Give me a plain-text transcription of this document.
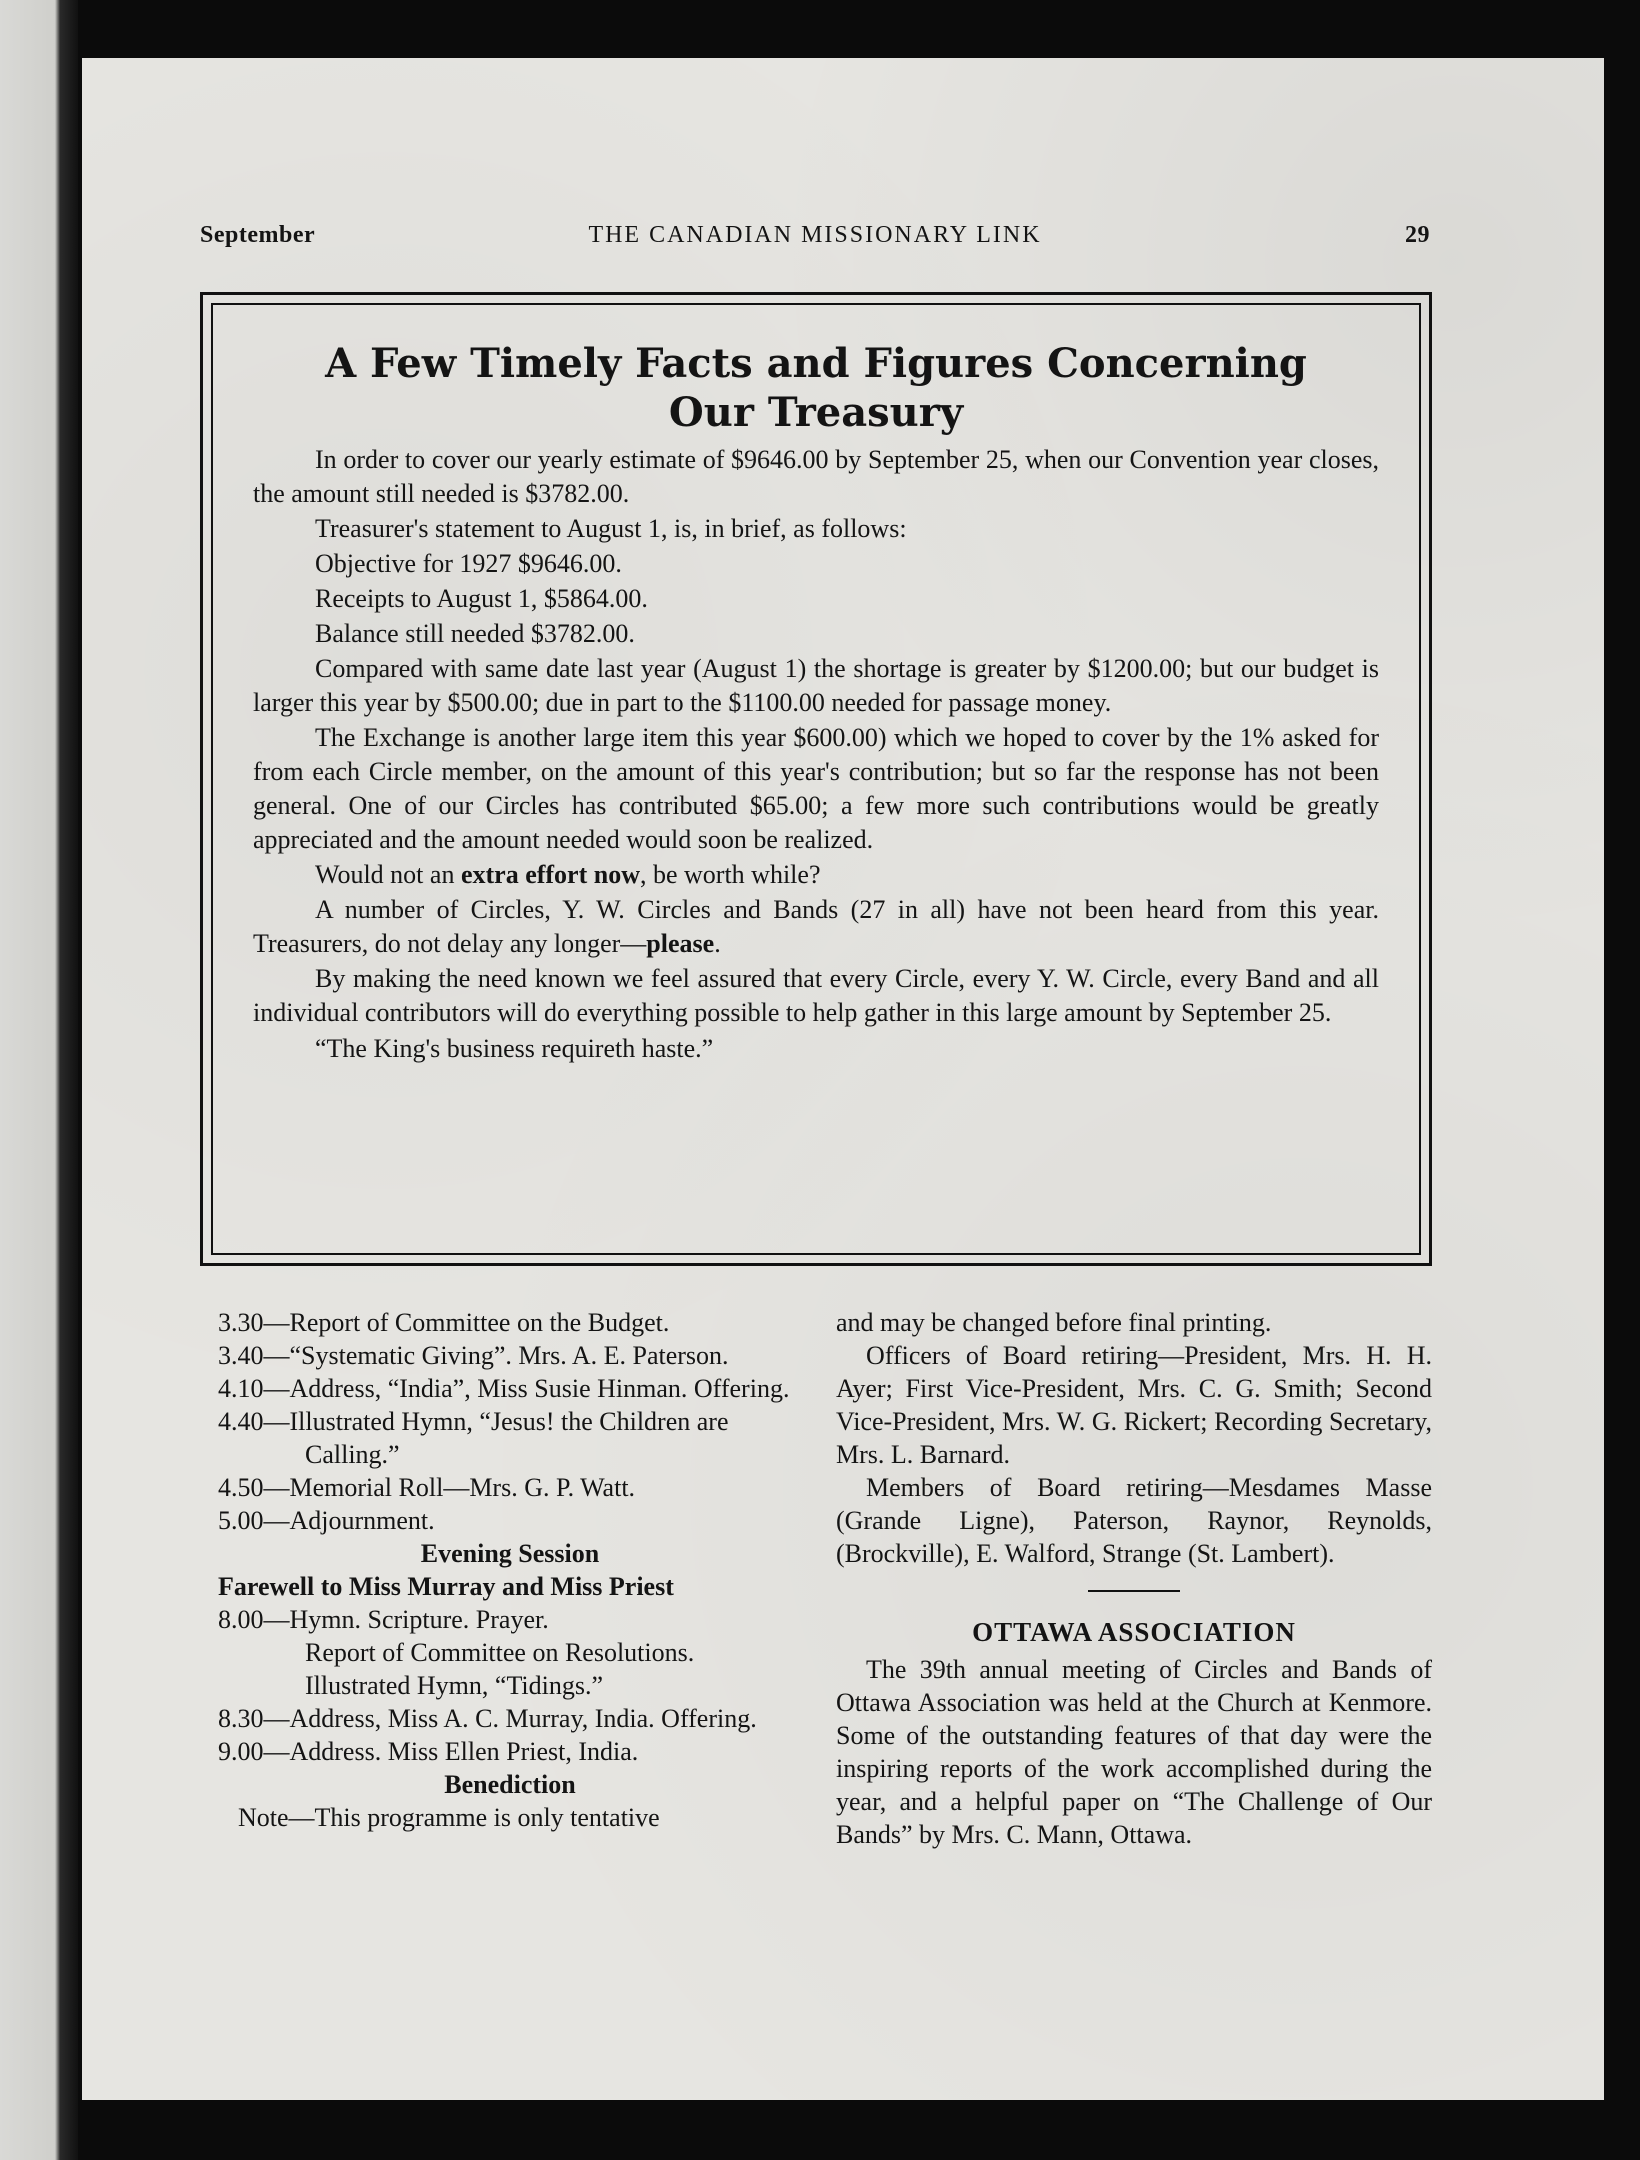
September	THE CANADIAN MISSIONARY LINK	29
A Few Timely Facts and Figures Concerning
Our Treasury

In order to cover our yearly estimate of $9646.00 by September 25, when our Convention year closes, the amount still needed is $3782.00.

Treasurer's statement to August 1, is, in brief, as follows:

Objective for 1927 $9646.00.

Receipts to August 1, $5864.00.

Balance still needed $3782.00.

Compared with same date last year (August 1) the shortage is greater by $1200.00; but our budget is larger this year by $500.00; due in part to the $1100.00 needed for passage money.

The Exchange is another large item this year $600.00) which we hoped to cover by the 1% asked for from each Circle member, on the amount of this year's contribution; but so far the response has not been general. One of our Circles has contributed $65.00; a few more such contributions would be greatly appreciated and the amount needed would soon be realized.

Would not an extra effort now, be worth while?

A number of Circles, Y. W. Circles and Bands (27 in all) have not been heard from this year. Treasurers, do not delay any longer—please.

By making the need known we feel assured that every Circle, every Y. W. Circle, every Band and all individual contributors will do everything possible to help gather in this large amount by September 25.

“The King's business requireth haste.”

3.30—Report of Committee on the Budget.
3.40—“Systematic Giving”. Mrs. A. E. Paterson.
4.10—Address, “India”, Miss Susie Hinman. Offering.
4.40—Illustrated Hymn, “Jesus! the Children are Calling.”
4.50—Memorial Roll—Mrs. G. P. Watt.
5.00—Adjournment.
Evening Session
Farewell to Miss Murray and Miss Priest
8.00—Hymn. Scripture. Prayer.
Report of Committee on Resolutions.
Illustrated Hymn, “Tidings.”
8.30—Address, Miss A. C. Murray, India. Offering.
9.00—Address. Miss Ellen Priest, India.
Benediction
Note—This programme is only tentative

and may be changed before final printing.

Officers of Board retiring—President, Mrs. H. H. Ayer; First Vice-President, Mrs. C. G. Smith; Second Vice-President, Mrs. W. G. Rickert; Recording Secretary, Mrs. L. Barnard.

Members of Board retiring—Mesdames Masse (Grande Ligne), Paterson, Raynor, Reynolds, (Brockville), E. Walford, Strange (St. Lambert).

OTTAWA ASSOCIATION

The 39th annual meeting of Circles and Bands of Ottawa Association was held at the Church at Kenmore. Some of the outstanding features of that day were the inspiring reports of the work accomplished during the year, and a helpful paper on “The Challenge of Our Bands” by Mrs. C. Mann, Ottawa.
